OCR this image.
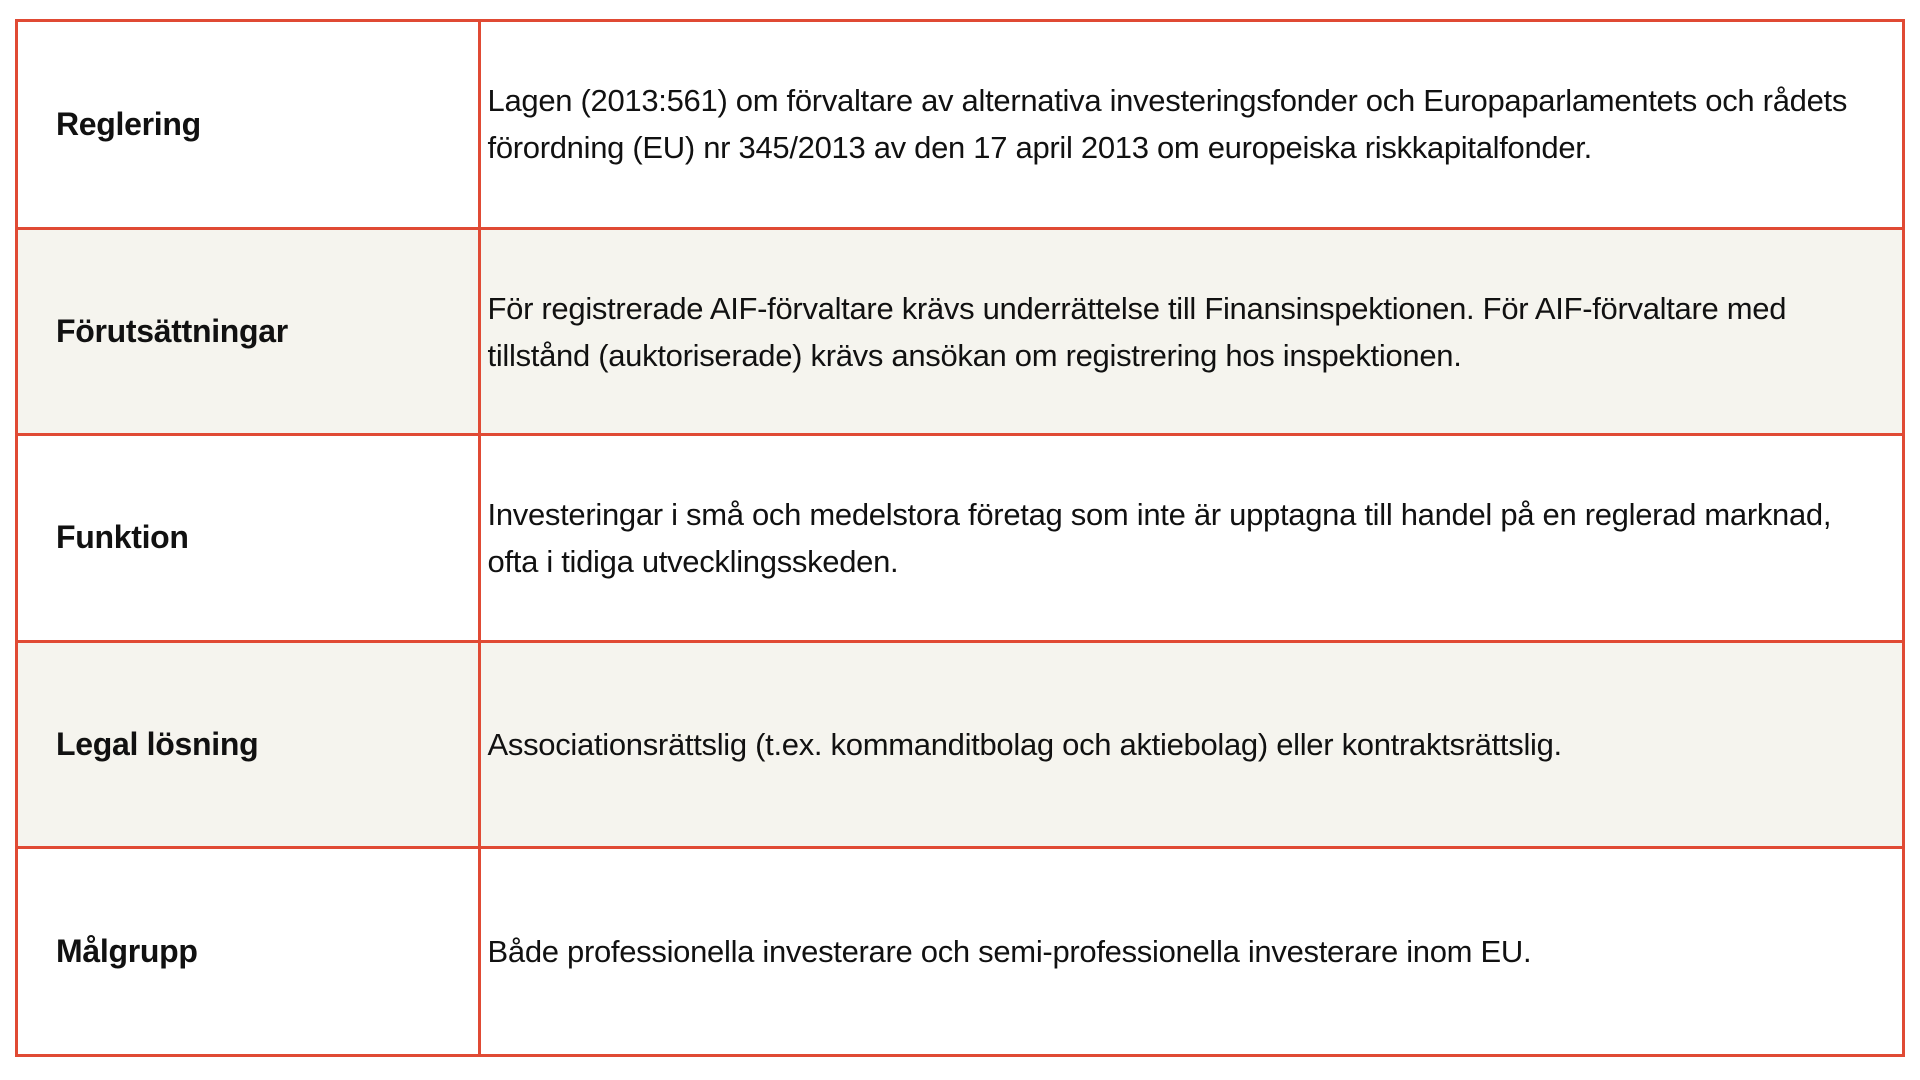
Reglering	Lagen (2013:561) om förvaltare av alternativa investeringsfonder och Europaparlamentets och rådets förordning (EU) nr 345/2013 av den 17 april 2013 om europeiska riskkapitalfonder.
Förutsättningar	För registrerade AIF-förvaltare krävs underrättelse till Finansinspektionen. För AIF-förvaltare med tillstånd (auktoriserade) krävs ansökan om registrering hos inspektionen.
Funktion	Investeringar i små och medelstora företag som inte är upptagna till handel på en reglerad marknad, ofta i tidiga utvecklingsskeden.
Legal lösning	Associationsrättslig (t.ex. kommanditbolag och aktiebolag) eller kontraktsrättslig.
Målgrupp	Både professionella investerare och semi-professionella investerare inom EU.
